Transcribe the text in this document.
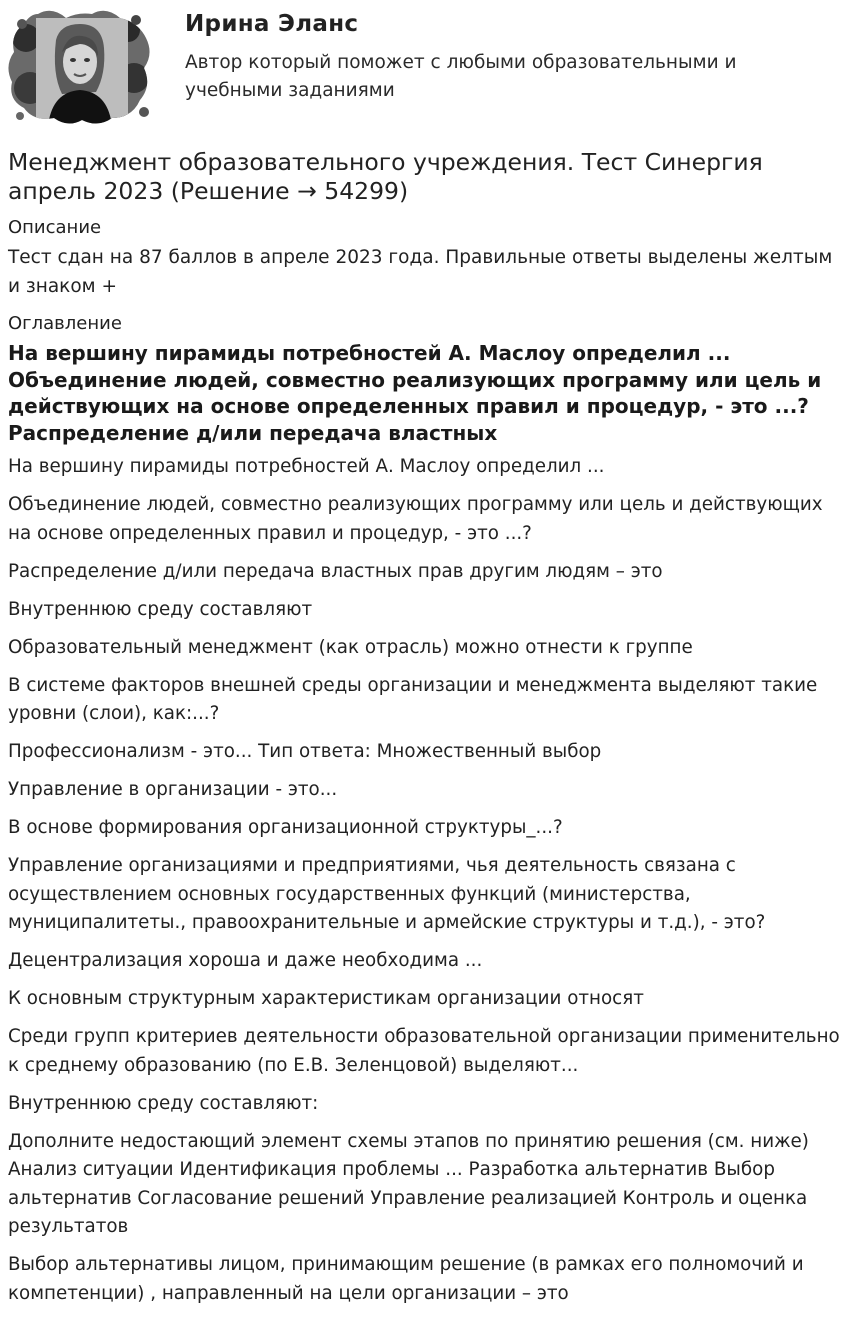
Ирина Эланс
Автор который поможет с любыми образовательными и учебными заданиями
Менеджмент образовательного учреждения. Тест Синергия апрель 2023 (Решение → 54299)
Описание
Тест сдан на 87 баллов в апреле 2023 года. Правильные ответы выделены желтым и знаком +
Оглавление
На вершину пирамиды потребностей А. Маслоу определил ... Объединение людей, совместно реализующих программу или цель и действующих на основе определенных правил и процедур, - это ...? Распределение д/или передача властных
На вершину пирамиды потребностей А. Маслоу определил ...
Объединение людей, совместно реализующих программу или цель и действующих на основе определенных правил и процедур, - это ...?
Распределение д/или передача властных прав другим людям – это
Внутреннюю среду составляют
Образовательный менеджмент (как отрасль) можно отнести к группе
В системе факторов внешней среды организации и менеджмента выделяют такие уровни (слои), как:...?
Профессионализм - это... Тип ответа: Множественный выбор
Управление в организации - это...
В основе формирования организационной структуры_...?
Управление организациями и предприятиями, чья деятельность связана с осуществлением основных государственных функций (министерства, муниципалитеты., правоохранительные и армейские структуры и т.д.), - это?
Децентрализация хороша и даже необходима ...
К основным структурным характеристикам организации относят
Среди групп критериев деятельности образовательной организации применительно к среднему образованию (по Е.В. Зеленцовой) выделяют...
Внутреннюю среду составляют:
Дополните недостающий элемент схемы этапов по принятию решения (см. ниже) Анализ ситуации Идентификация проблемы ... Разработка альтернатив Выбор альтернатив Согласование решений Управление реализацией Контроль и оценка результатов
Выбор альтернативы лицом, принимающим решение (в рамках его полномочий и компетенции) , направленный на цели организации – это
